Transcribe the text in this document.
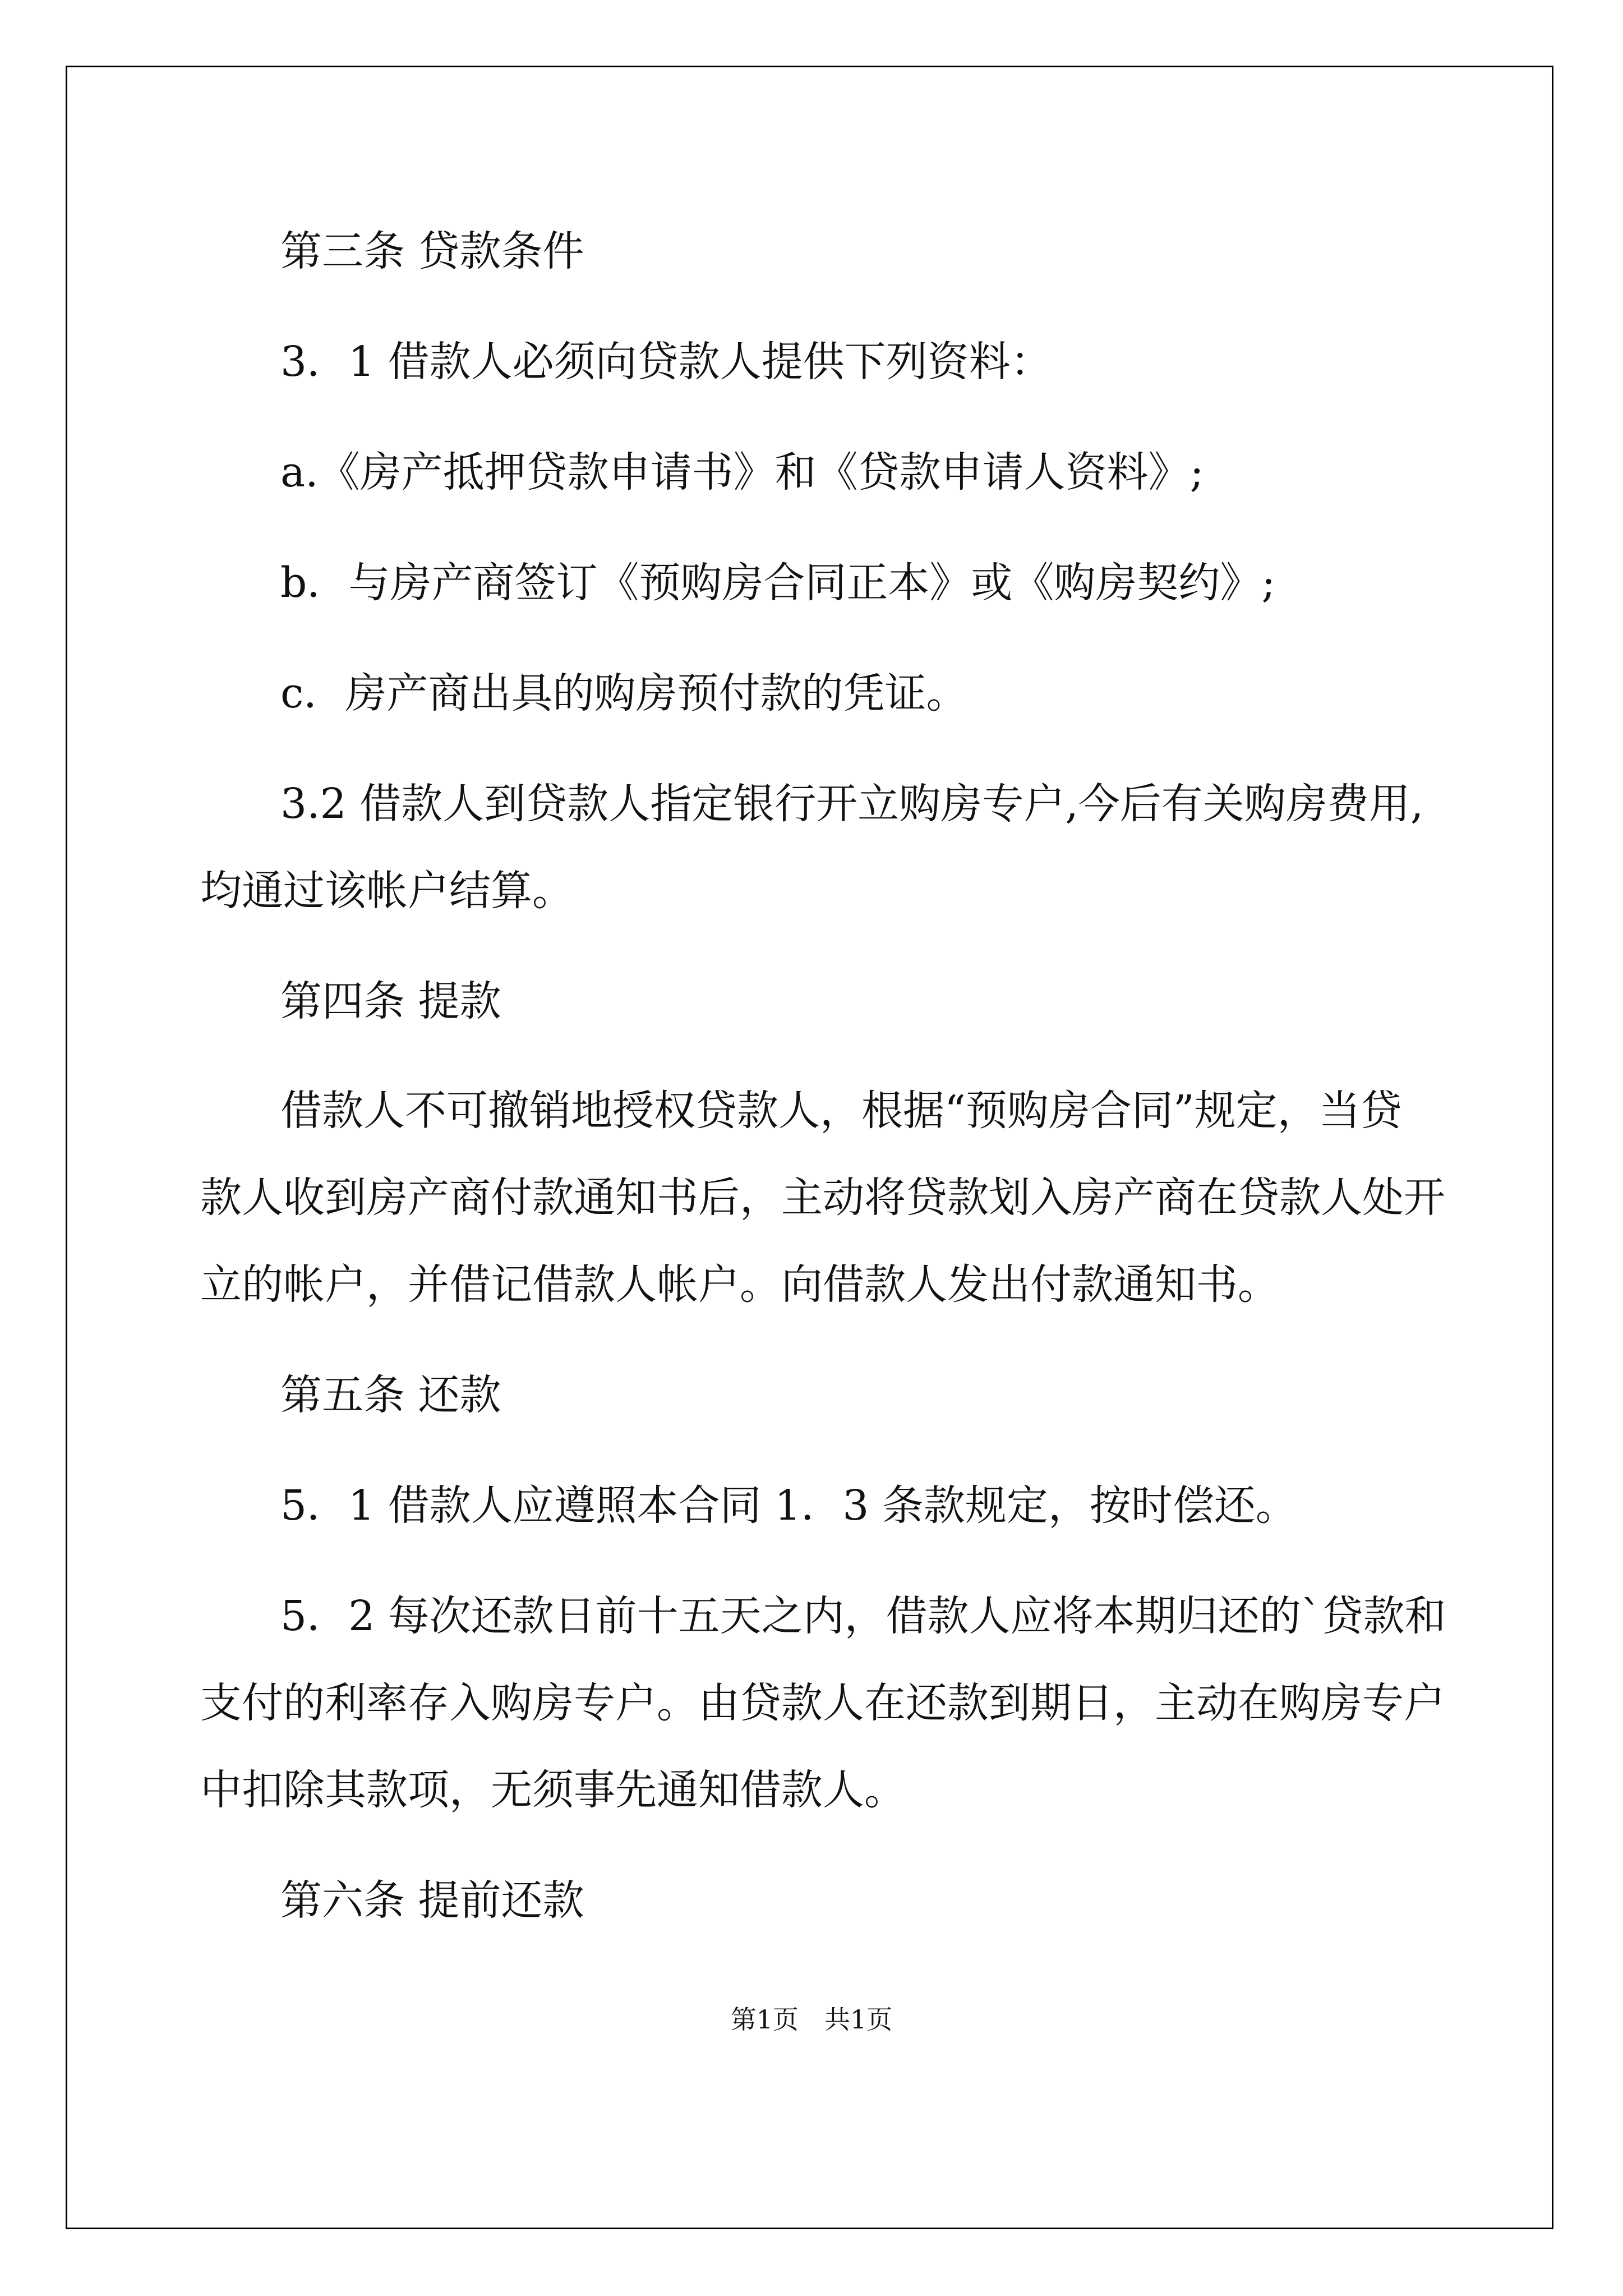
第三条 贷款条件
3．1 借款人必须向贷款人提供下列资料：
a.《房产抵押贷款申请书》和《贷款申请人资料》;
b．与房产商签订《预购房合同正本》或《购房契约》;
c．房产商出具的购房预付款的凭证。
3.2 借款人到贷款人指定银行开立购房专户,今后有关购房费用,
均通过该帐户结算。
第四条 提款
借款人不可撤销地授权贷款人，根据“预购房合同”规定，当贷
款人收到房产商付款通知书后，主动将贷款划入房产商在贷款人处开
立的帐户，并借记借款人帐户。向借款人发出付款通知书。
第五条 还款
5．1 借款人应遵照本合同 1．3 条款规定，按时偿还。
5．2 每次还款日前十五天之内，借款人应将本期归还的`贷款和
支付的利率存入购房专户。由贷款人在还款到期日，主动在购房专户
中扣除其款项，无须事先通知借款人。
第六条 提前还款
第1页　共1页
